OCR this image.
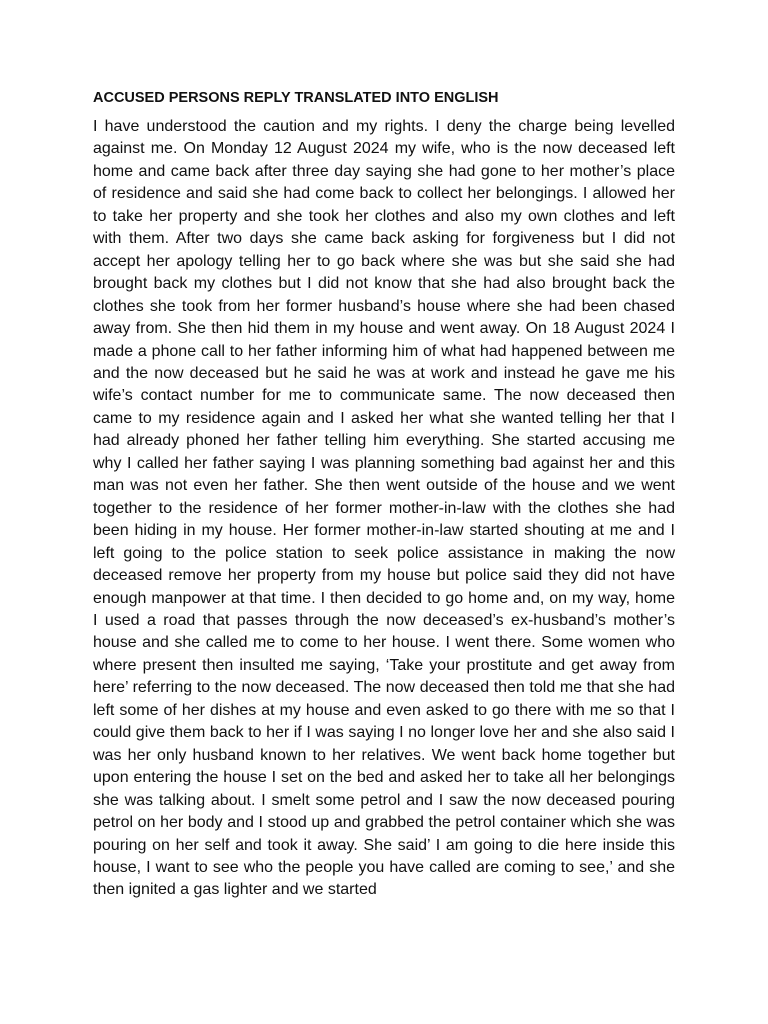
ACCUSED PERSONS REPLY TRANSLATED INTO ENGLISH

I have understood the caution and my rights. I deny the charge being levelled against me. On Monday 12 August 2024 my wife, who is the now deceased left home and came back after three day saying she had gone to her mother’s place of residence and said she had come back to collect her belongings. I allowed her to take her property and she took her clothes and also my own clothes and left with them. After two days she came back asking for forgiveness but I did not accept her apology telling her to go back where she was but she said she had brought back my clothes but I did not know that she had also brought back the clothes she took from her former husband’s house where she had been chased away from. She then hid them in my house and went away. On 18 August 2024 I made a phone call to her father informing him of what had happened between me and the now deceased but he said he was at work and instead he gave me his wife’s contact number for me to communicate same. The now deceased then came to my residence again and I asked her what she wanted telling her that I had already phoned her father telling him everything. She started accusing me why I called her father saying I was planning something bad against her and this man was not even her father. She then went outside of the house and we went together to the residence of her former mother-in-law with the clothes she had been hiding in my house. Her former mother-in-law started shouting at me and I left going to the police station to seek police assistance in making the now deceased remove her property from my house but police said they did not have enough manpower at that time. I then decided to go home and, on my way, home I used a road that passes through the now deceased’s ex-husband’s mother’s house and she called me to come to her house. I went there. Some women who where present then insulted me saying, ‘Take your prostitute and get away from here’ referring to the now deceased. The now deceased then told me that she had left some of her dishes at my house and even asked to go there with me so that I could give them back to her if I was saying I no longer love her and she also said I was her only husband known to her relatives. We went back home together but upon entering the house I set on the bed and asked her to take all her belongings she was talking about. I smelt some petrol and I saw the now deceased pouring petrol on her body and I stood up and grabbed the petrol container which she was pouring on her self and took it away. She said’ I am going to die here inside this house, I want to see who the people you have called are coming to see,’ and she then ignited a gas lighter and we started
